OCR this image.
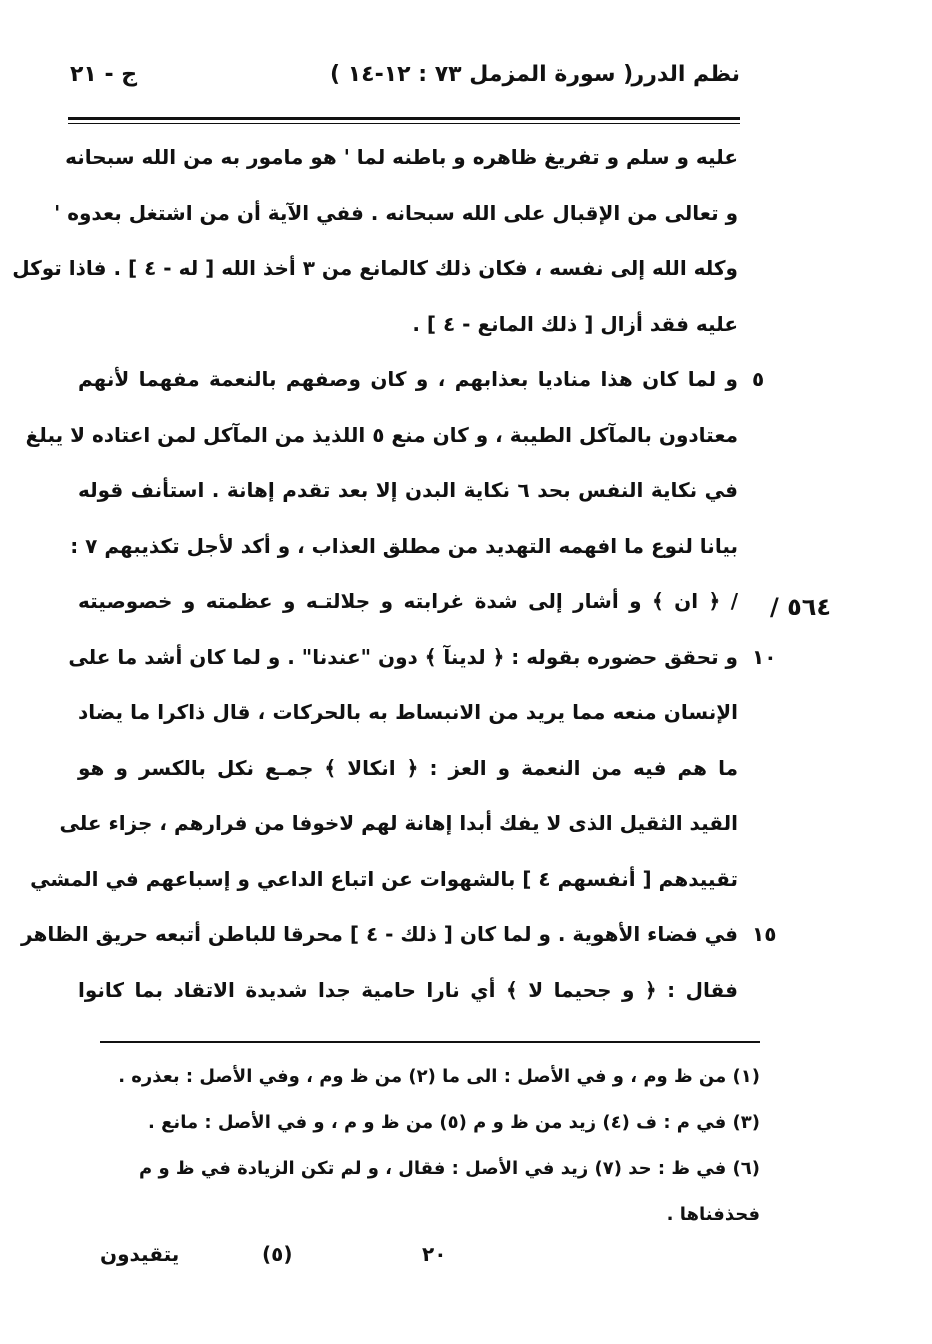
نظم الدرر
( سورة المزمل ٧٣ : ١٢-١٤ )
ج - ٢١
عليه و سلم و تفريغ ظاهره و باطنه لما ' هو مامور به من الله سبحانه
و تعالى من الإقبال على الله سبحانه . ففي الآية أن من اشتغل بعدوه '
وكله الله إلى نفسه ، فكان ذلك كالمانع من ٣ أخذ الله [ له - ٤ ] . فاذا توكل
عليه فقد أزال [ ذلك المانع - ٤ ] .
و لما كان هذا مناديا بعذابهم ، و كان وصفهم بالنعمة مفهما لأنهم
معتادون بالمآكل الطيبة ، و كان منع ٥ اللذيذ من المآكل لمن اعتاده لا يبلغ
في نكاية النفس بحد ٦ نكاية البدن إلا بعد تقدم إهانة . استأنف قوله
بيانا لنوع ما افهمه التهديد من مطلق العذاب ، و أكد لأجل تكذيبهم ٧ :
/ ﴿ ان ﴾ و أشار إلى شدة غرابته و جلالتـه و عظمته و خصوصيته
و تحقق حضوره بقوله : ﴿ لدينآ ﴾ دون "عندنا" . و لما كان أشد ما على
الإنسان منعه مما يريد من الانبساط به بالحركات ، قال ذاكرا ما يضاد
ما هم فيه من النعمة و العز : ﴿ انكالا ﴾ جمـع نكل بالكسر و هو
القيد الثقيل الذى لا يفك أبدا إهانة لهم لاخوفا من فرارهم ، جزاء على
تقييدهم [ أنفسهم ٤ ] بالشهوات عن اتباع الداعي و إسباعهم في المشي
في فضاء الأهوية . و لما كان [ ذلك - ٤ ] محرقا للباطن أتبعه حريق الظاهر
فقال : ﴿ و جحيما لا ﴾ أي نارا حامية جدا شديدة الاتقاد بما كانوا
٥
٥٦٤ /
١٠
١٥
(١) من ظ وم ، و في الأصل : الى ما (٢) من ظ وم ، وفي الأصل : بعذره .
(٣) في م : ف (٤) زيد من ظ و م (٥) من ظ و م ، و في الأصل : مانع .
(٦) في ظ : حد (٧) زيد في الأصل : فقال ، و لم تكن الزيادة في ظ و م
فحذفناها .
٢٠
(٥)
يتقيدون
